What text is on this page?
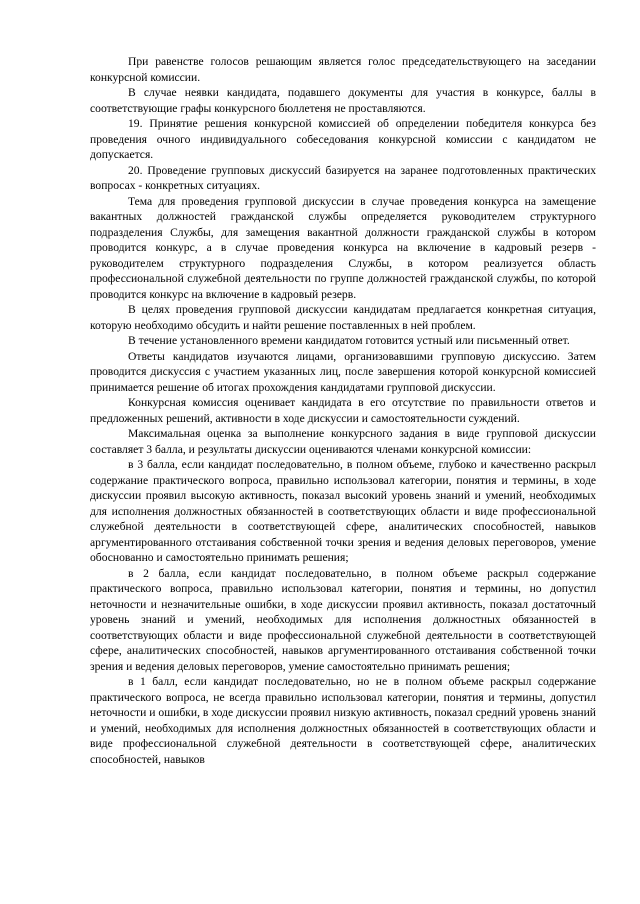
При равенстве голосов решающим является голос председательствующего на заседании конкурсной комиссии.

В случае неявки кандидата, подавшего документы для участия в конкурсе, баллы в соответствующие графы конкурсного бюллетеня не проставляются.

19. Принятие решения конкурсной комиссией об определении победителя конкурса без проведения очного индивидуального собеседования конкурсной комиссии с кандидатом не допускается.

20. Проведение групповых дискуссий базируется на заранее подготовленных практических вопросах - конкретных ситуациях.

Тема для проведения групповой дискуссии в случае проведения конкурса на замещение вакантных должностей гражданской службы определяется руководителем структурного подразделения Службы, для замещения вакантной должности гражданской службы в котором проводится конкурс, а в случае проведения конкурса на включение в кадровый резерв - руководителем структурного подразделения Службы, в котором реализуется область профессиональной служебной деятельности по группе должностей гражданской службы, по которой проводится конкурс на включение в кадровый резерв.

В целях проведения групповой дискуссии кандидатам предлагается конкретная ситуация, которую необходимо обсудить и найти решение поставленных в ней проблем.

В течение установленного времени кандидатом готовится устный или письменный ответ.

Ответы кандидатов изучаются лицами, организовавшими групповую дискуссию. Затем проводится дискуссия с участием указанных лиц, после завершения которой конкурсной комиссией принимается решение об итогах прохождения кандидатами групповой дискуссии.

Конкурсная комиссия оценивает кандидата в его отсутствие по правильности ответов и предложенных решений, активности в ходе дискуссии и самостоятельности суждений.

Максимальная оценка за выполнение конкурсного задания в виде групповой дискуссии составляет 3 балла, и результаты дискуссии оцениваются членами конкурсной комиссии:

в 3 балла, если кандидат последовательно, в полном объеме, глубоко и качественно раскрыл содержание практического вопроса, правильно использовал категории, понятия и термины, в ходе дискуссии проявил высокую активность, показал высокий уровень знаний и умений, необходимых для исполнения должностных обязанностей в соответствующих области и виде профессиональной служебной деятельности в соответствующей сфере, аналитических способностей, навыков аргументированного отстаивания собственной точки зрения и ведения деловых переговоров, умение обоснованно и самостоятельно принимать решения;

в 2 балла, если кандидат последовательно, в полном объеме раскрыл содержание практического вопроса, правильно использовал категории, понятия и термины, но допустил неточности и незначительные ошибки, в ходе дискуссии проявил активность, показал достаточный уровень знаний и умений, необходимых для исполнения должностных обязанностей в соответствующих области и виде профессиональной служебной деятельности в соответствующей сфере, аналитических способностей, навыков аргументированного отстаивания собственной точки зрения и ведения деловых переговоров, умение самостоятельно принимать решения;

в 1 балл, если кандидат последовательно, но не в полном объеме раскрыл содержание практического вопроса, не всегда правильно использовал категории, понятия и термины, допустил неточности и ошибки, в ходе дискуссии проявил низкую активность, показал средний уровень знаний и умений, необходимых для исполнения должностных обязанностей в соответствующих области и виде профессиональной служебной деятельности в соответствующей сфере, аналитических способностей, навыков
